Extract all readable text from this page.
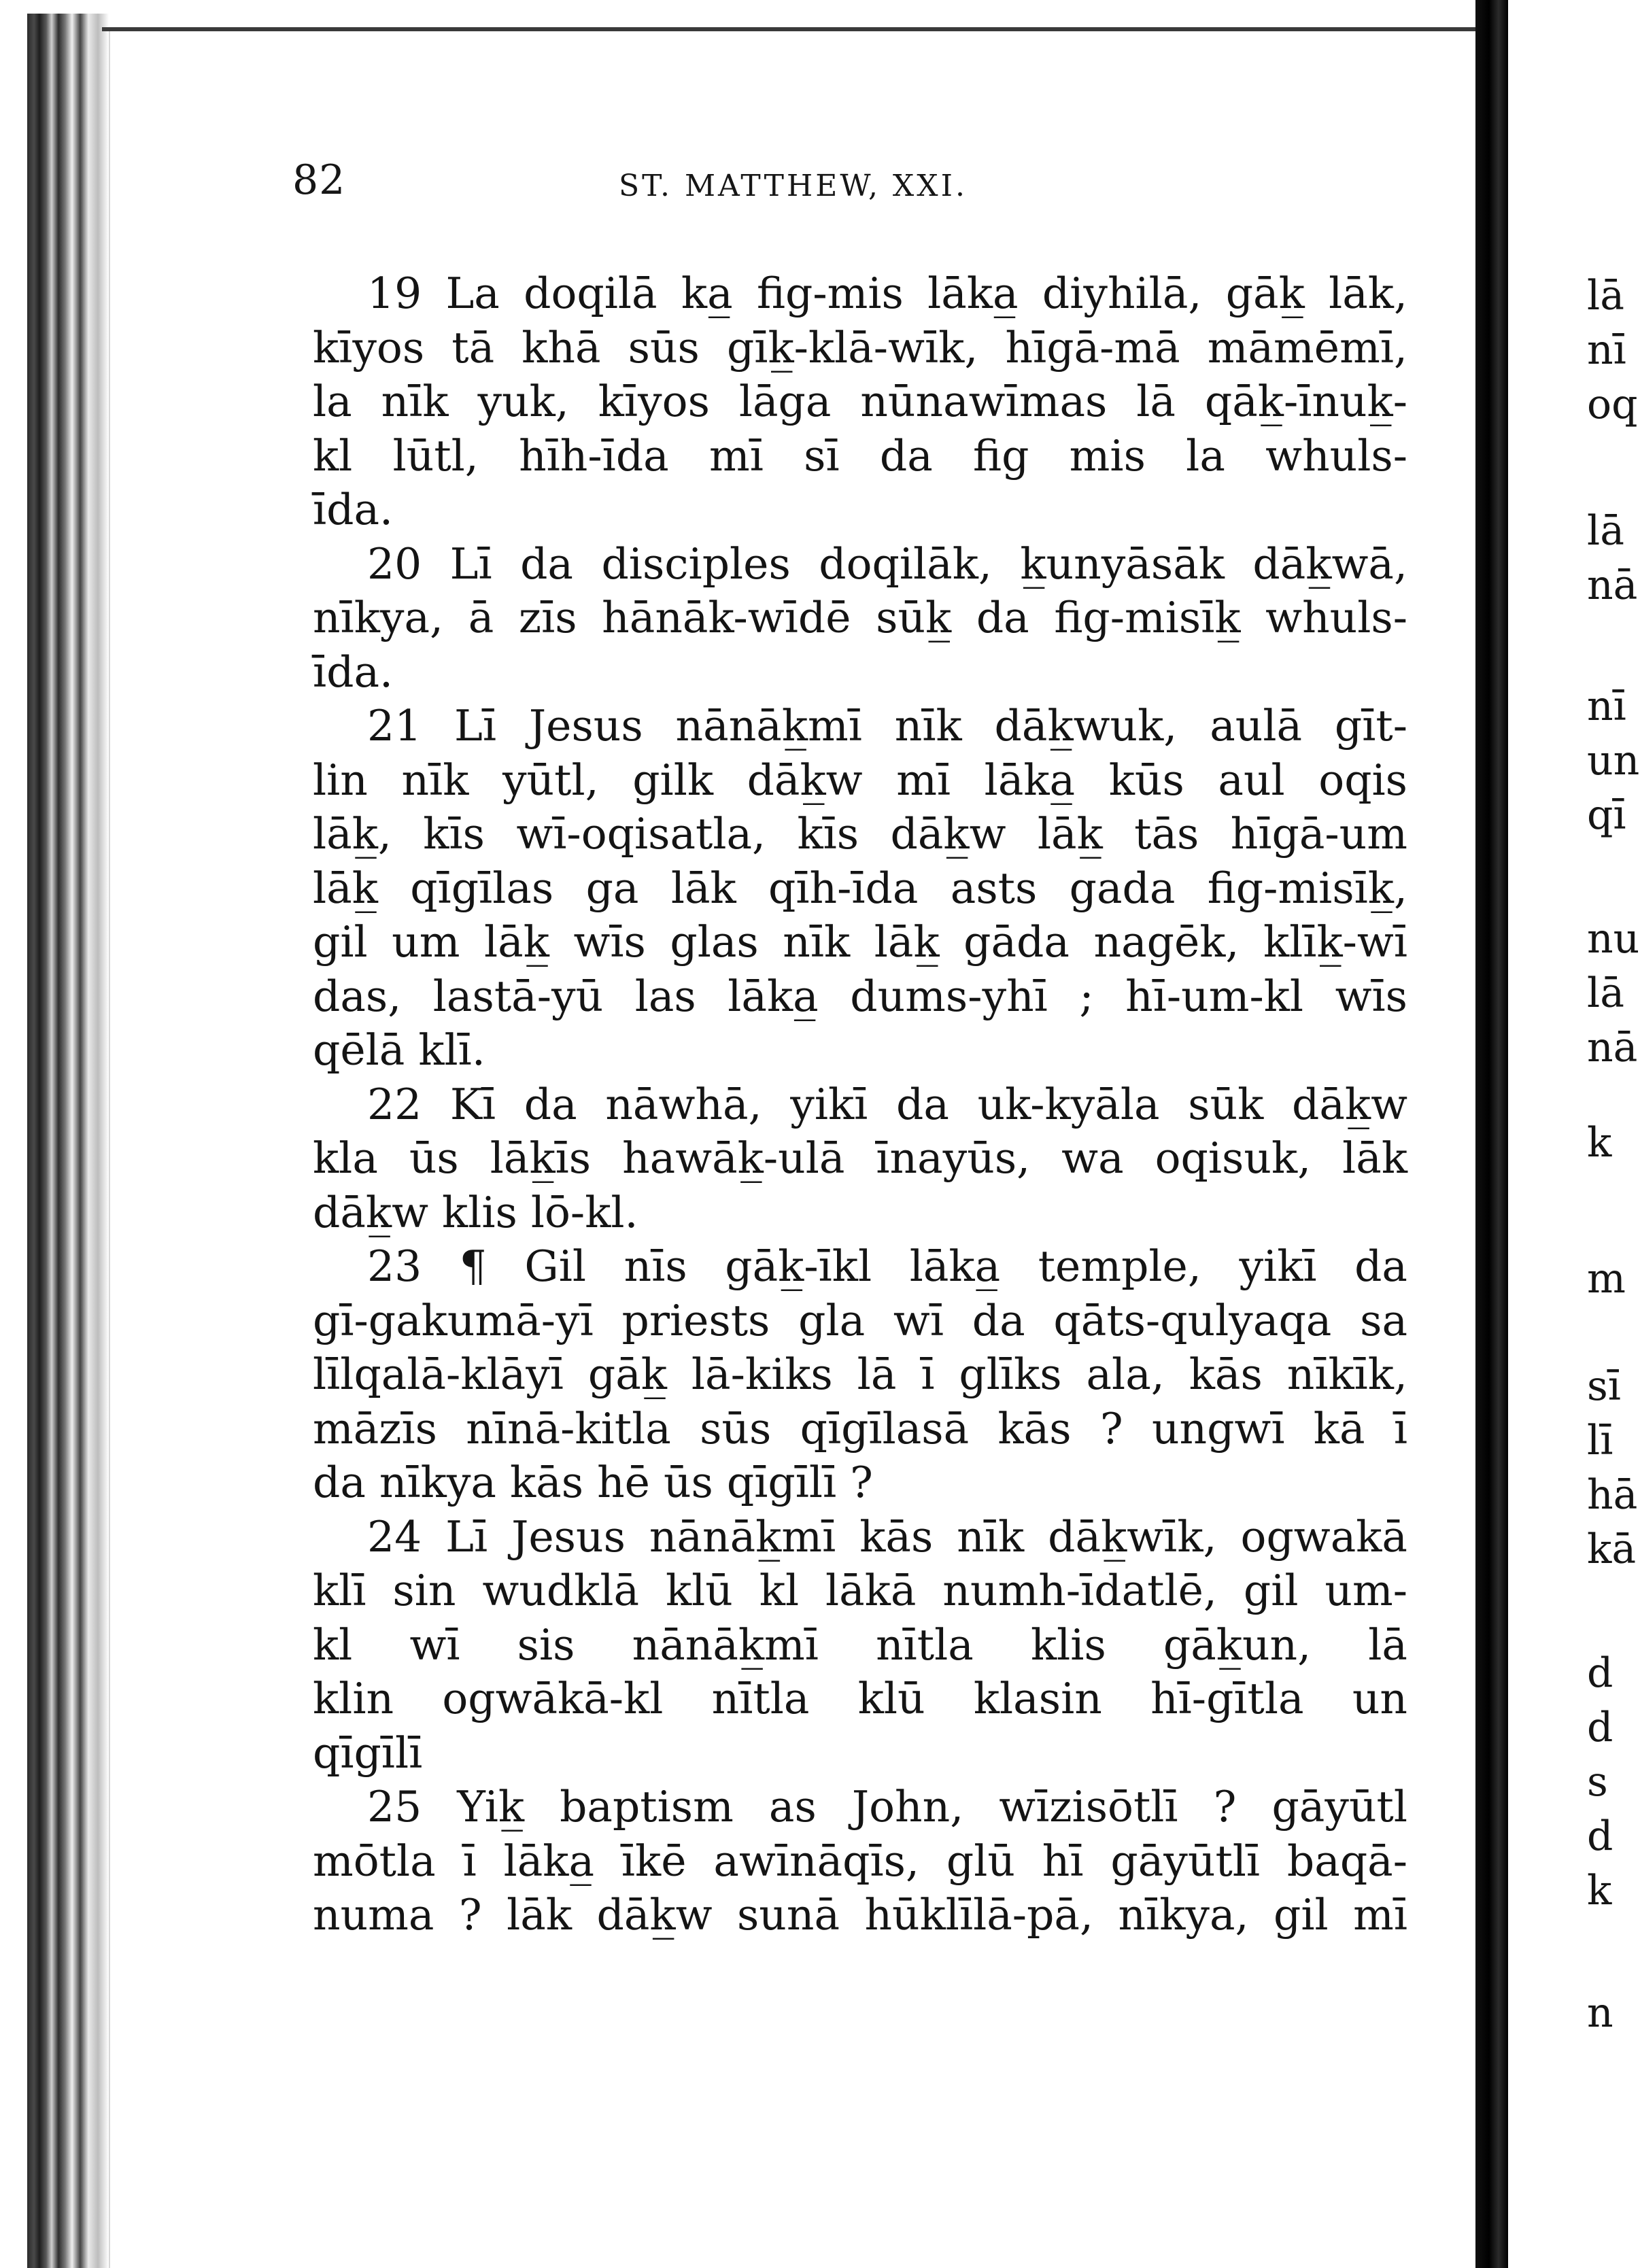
82	ST. MATTHEW, XXI.
19 La doqilā ka̲ fig-mis lāka̲ diyhilā, gāk̲ lāk,
kīyos tā khā sūs gīk̲-klā-wīk, hīgā-mā māmēmī,
la nīk yuk, kīyos lāga nūnawīmas lā qāk̲-īnuk̲-
kl lūtl, hīh-īda mī sī da fig mis la whuls-
īda.
20 Lī da disciples doqilāk, k̲unyāsāk dāk̲wā,
nīkya, ā zīs hānāk-wīdē sūk̲ da fig-misīk̲ whuls-
īda.
21 Lī Jesus nānāk̲mī nīk dāk̲wuk, aulā gīt-
lin nīk yūtl, gilk dāk̲w mī lāka̲ kūs aul oqis
lāk̲, kīs wī-oqisatla, kīs dāk̲w lāk̲ tās hīgā-um
lāk̲ qīgīlas ga lāk qīh-īda asts gada fig-misīk̲,
gil um lāk̲ wīs glas nīk lāk̲ gāda nagēk, klīk̲-wī
das, lastā-yū las lāka̲ dums-yhī ; hī-um-kl wīs
qēlā klī.
22 Kī da nāwhā, yikī da uk-kyāla sūk dāk̲w
kla ūs lāk̲īs hawāk̲-ulā īnayūs, wa oqisuk, lāk
dāk̲w klis lō-kl.
23 ¶ Gil nīs gāk̲-īkl lāka̲ temple, yikī da
gī-gakumā-yī priests gla wī da qāts-qulyaqa sa
līlqalā-klāyī gāk̲ lā-kiks lā ī glīks ala, kās nīkīk,
māzīs nīnā-kitla sūs qīgīlasā kās ? ungwī kā ī
da nīkya kās hē ūs qīgīlī ?
24 Lī Jesus nānāk̲mī kās nīk dāk̲wīk, ogwakā
klī sin wudklā klū kl lākā numh-īdatlē, gil um-
kl wī sis nānāk̲mī nītla klis gāk̲un, lā
klin ogwākā-kl nītla klū klasin hī-gītla un
qīgīlī
25 Yik̲ baptism as John, wīzisōtlī ? gāyūtl
mōtla ī lāka̲ īkē awīnāqīs, glū hī gāyūtlī baqā-
numa ? lāk dāk̲w sunā hūklīlā-pā, nīkya, gil mī
lā
nī
oq
lā
nā
nī
un
qī
nu
lā
nā
k
m
sī
lī
hā
kā
d
d
s
d
k
n
